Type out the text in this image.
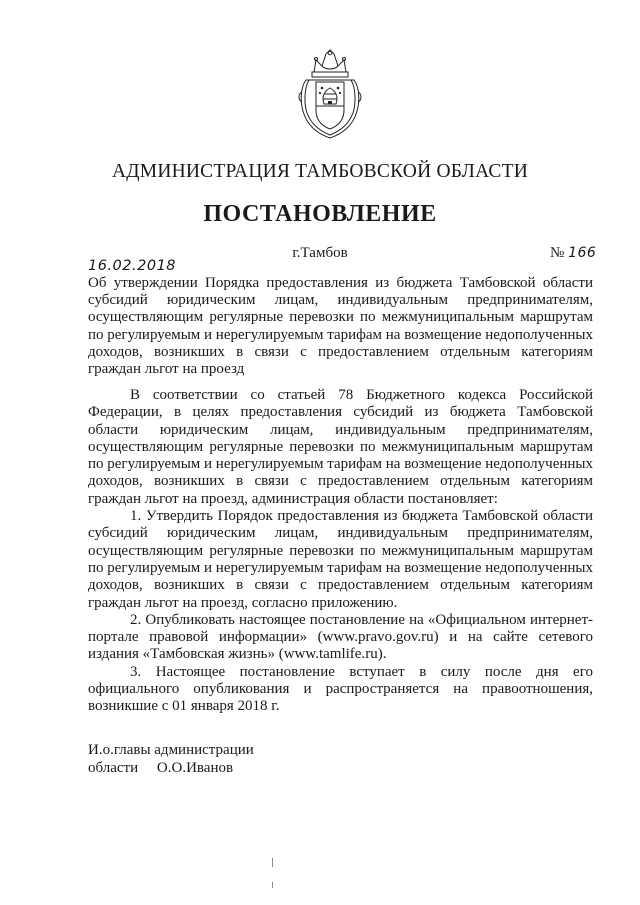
АДМИНИСТРАЦИЯ ТАМБОВСКОЙ ОБЛАСТИ
ПОСТАНОВЛЕНИЕ
16.02.2018
г.Тамбов	№ 166
Об утверждении Порядка предоставления из бюджета Тамбовской области субсидий юридическим лицам, индивидуальным предпринимателям, осуществляющим регулярные перевозки по межмуниципальным маршрутам по регулируемым и нерегулируемым тарифам на возмещение недополученных доходов, возникших в связи с предоставлением отдельным категориям граждан льгот на проезд

В соответствии со статьей 78 Бюджетного кодекса Российской Федерации, в целях предоставления субсидий из бюджета Тамбовской области юридическим лицам, индивидуальным предпринимателям, осуществляющим регулярные перевозки по межмуниципальным маршрутам по регулируемым и нерегулируемым тарифам на возмещение недополученных доходов, возникших в связи с предоставлением отдельным категориям граждан льгот на проезд, администрация области постановляет:

1. Утвердить Порядок предоставления из бюджета Тамбовской области субсидий юридическим лицам, индивидуальным предпринимателям, осуществляющим регулярные перевозки по межмуниципальным маршрутам по регулируемым и нерегулируемым тарифам на возмещение недополученных доходов, возникших в связи с предоставлением отдельным категориям граждан льгот на проезд, согласно приложению.

2. Опубликовать настоящее постановление на «Официальном интернет-портале правовой информации» (www.pravo.gov.ru) и на сайте сетевого издания «Тамбовская жизнь» (www.tamlife.ru).

3. Настоящее постановление вступает в силу после дня его официального опубликования и распространяется на правоотношения, возникшие с 01 января 2018 г.

И.о.главы администрации
области О.О.Иванов
